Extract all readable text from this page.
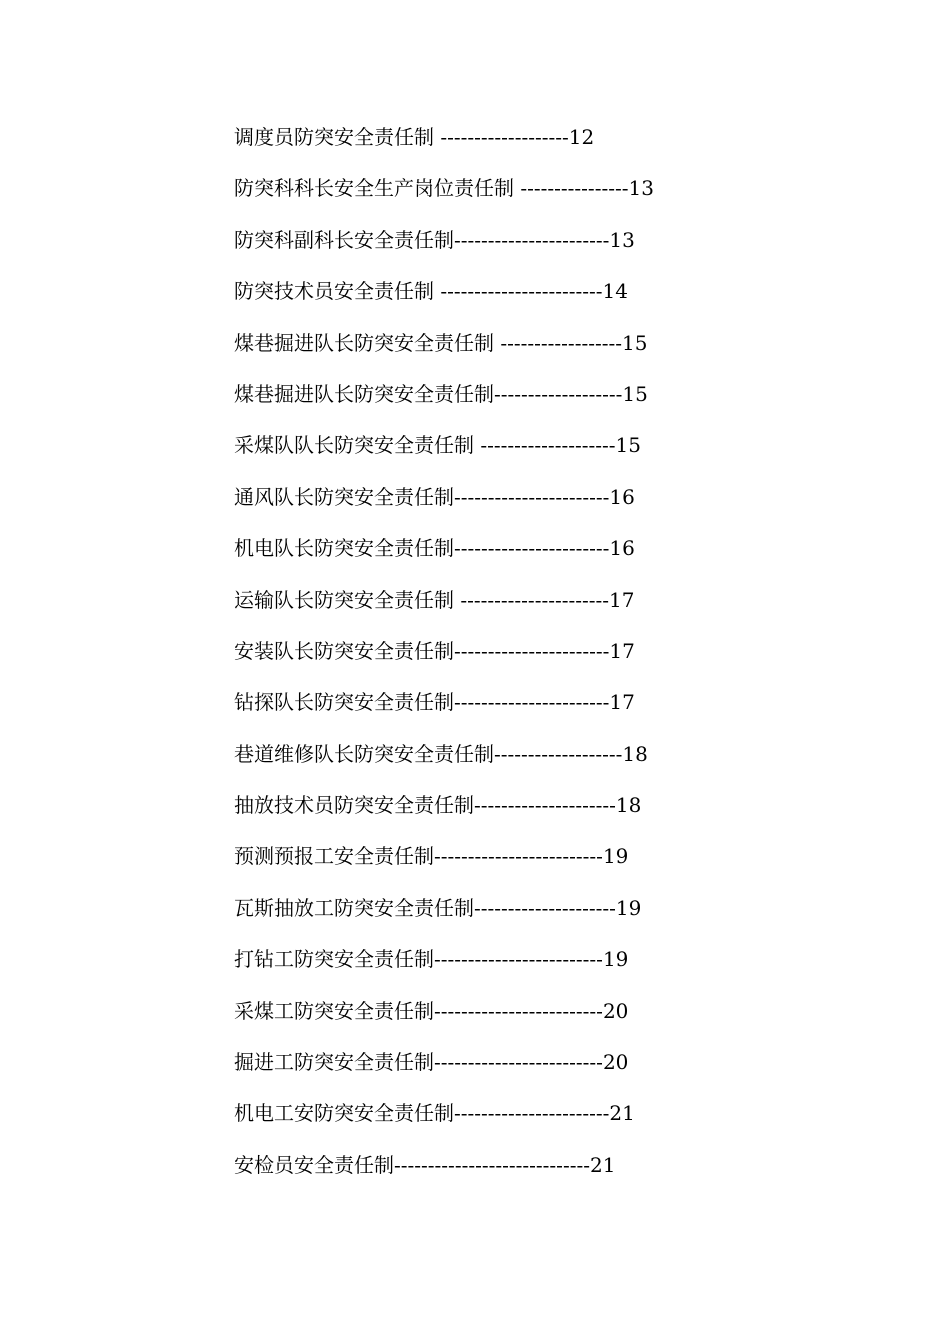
调度员防突安全责任制 -------------------12
防突科科长安全生产岗位责任制 ----------------13
防突科副科长安全责任制-----------------------13
防突技术员安全责任制 ------------------------14
煤巷掘进队长防突安全责任制 ------------------15
煤巷掘进队长防突安全责任制-------------------15
采煤队队长防突安全责任制 --------------------15
通风队长防突安全责任制-----------------------16
机电队长防突安全责任制-----------------------16
运输队长防突安全责任制 ----------------------17
安装队长防突安全责任制-----------------------17
钻探队长防突安全责任制-----------------------17
巷道维修队长防突安全责任制-------------------18
抽放技术员防突安全责任制---------------------18
预测预报工安全责任制-------------------------19
瓦斯抽放工防突安全责任制---------------------19
打钻工防突安全责任制-------------------------19
采煤工防突安全责任制-------------------------20
掘进工防突安全责任制-------------------------20
机电工安防突安全责任制-----------------------21
安检员安全责任制-----------------------------21
